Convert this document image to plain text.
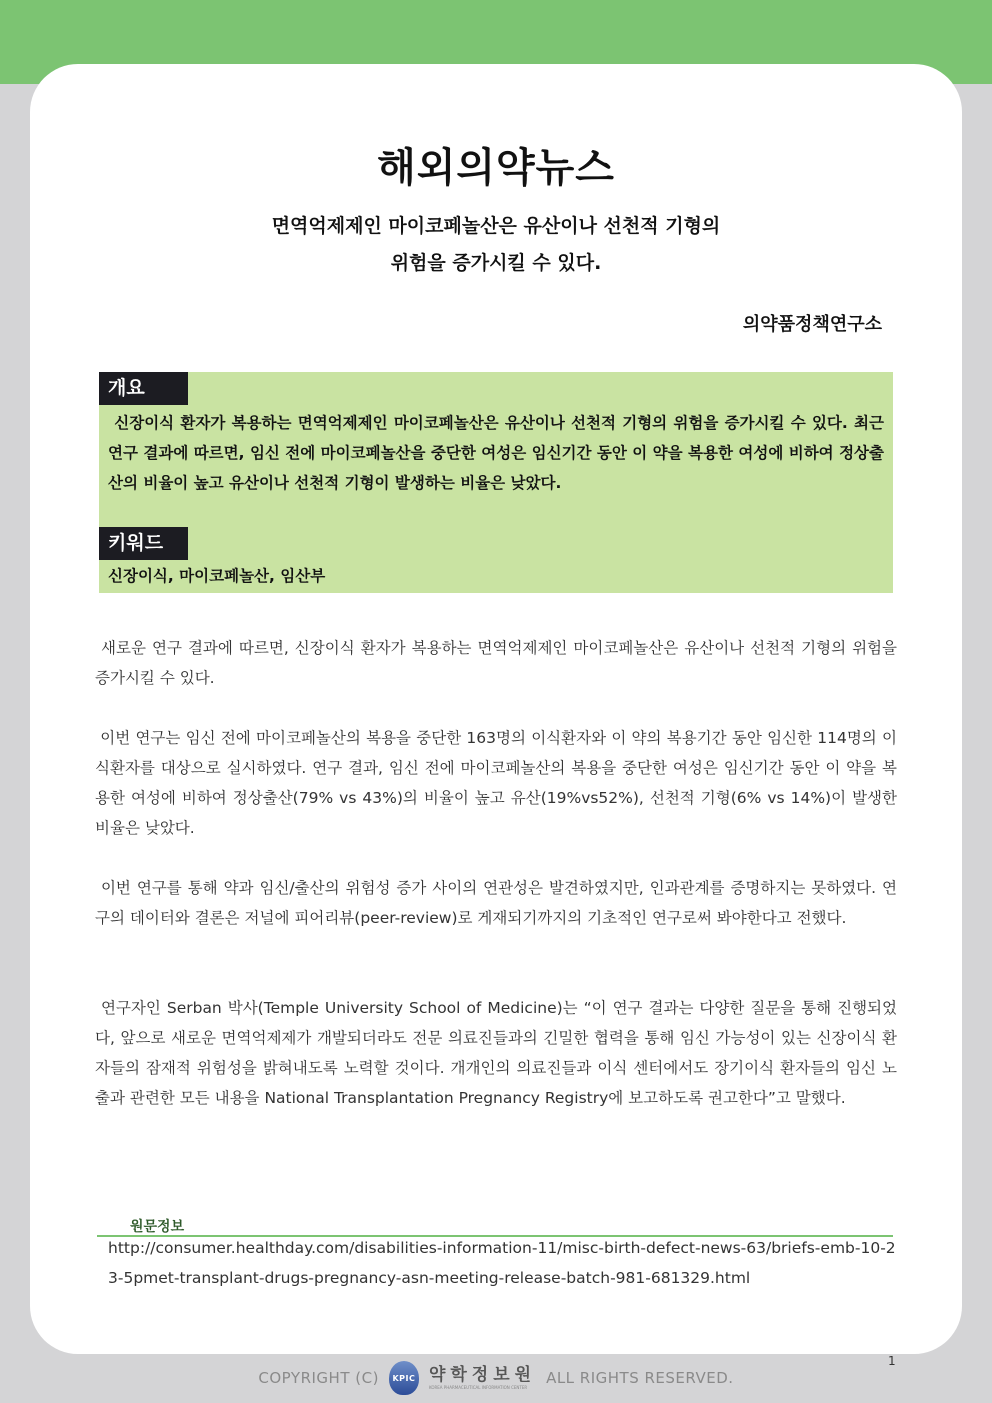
해외의약뉴스
면역억제제인 마이코페놀산은 유산이나 선천적 기형의
위험을 증가시킬 수 있다.
의약품정책연구소
개요
신장이식 환자가 복용하는 면역억제제인 마이코페놀산은 유산이나 선천적 기형의 위험을 증가시킬 수 있다. 최근 연구 결과에 따르면, 임신 전에 마이코페놀산을 중단한 여성은 임신기간 동안 이 약을 복용한 여성에 비하여 정상출산의 비율이 높고 유산이나 선천적 기형이 발생하는 비율은 낮았다.
키워드
신장이식, 마이코페놀산, 임산부
새로운 연구 결과에 따르면, 신장이식 환자가 복용하는 면역억제제인 마이코페놀산은 유산이나 선천적 기형의 위험을 증가시킬 수 있다.
이번 연구는 임신 전에 마이코페놀산의 복용을 중단한 163명의 이식환자와 이 약의 복용기간 동안 임신한 114명의 이식환자를 대상으로 실시하였다. 연구 결과, 임신 전에 마이코페놀산의 복용을 중단한 여성은 임신기간 동안 이 약을 복용한 여성에 비하여 정상출산(79% vs 43%)의 비율이 높고 유산(19%vs52%), 선천적 기형(6% vs 14%)이 발생한 비율은 낮았다.
이번 연구를 통해 약과 임신/출산의 위험성 증가 사이의 연관성은 발견하였지만, 인과관계를 증명하지는 못하였다. 연구의 데이터와 결론은 저널에 피어리뷰(peer-review)로 게재되기까지의 기초적인 연구로써 봐야한다고 전했다.
연구자인 Serban 박사(Temple University School of Medicine)는 “이 연구 결과는 다양한 질문을 통해 진행되었다, 앞으로 새로운 면역억제제가 개발되더라도 전문 의료진들과의 긴밀한 협력을 통해 임신 가능성이 있는 신장이식 환자들의 잠재적 위험성을 밝혀내도록 노력할 것이다. 개개인의 의료진들과 이식 센터에서도 장기이식 환자들의 임신 노출과 관련한 모든 내용을 National Transplantation Pregnancy Registry에 보고하도록 권고한다”고 말했다.
원문정보
http://consumer.healthday.com/disabilities-information-11/misc-birth-defect-news-63/briefs-emb-10-23-5pmet-transplant-drugs-pregnancy-asn-meeting-release-batch-981-681329.html
1
COPYRIGHT (C)	KPIC 약학정보원
KOREA PHARMACEUTICAL INFORMATION CENTER	ALL RIGHTS RESERVED.
